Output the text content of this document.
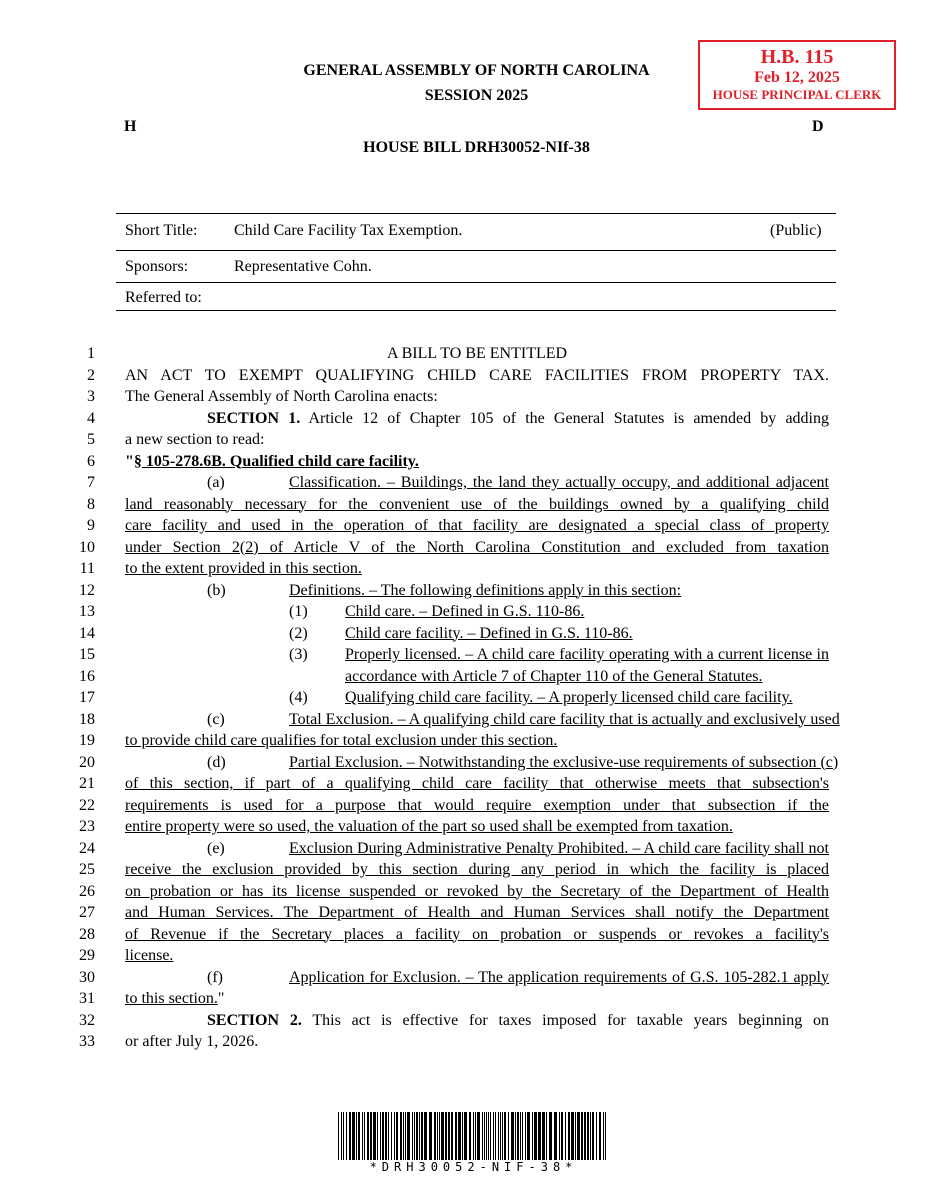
H.B. 115
Feb 12, 2025
HOUSE PRINCIPAL CLERK
GENERAL ASSEMBLY OF NORTH CAROLINA
SESSION 2025
H	D
HOUSE BILL DRH30052-NIf-38
Short Title: Child Care Facility Tax Exemption.	(Public)
Sponsors:	Representative Cohn.
Referred to:
1	A BILL TO BE ENTITLED
2 AN ACT TO EXEMPT QUALIFYING CHILD CARE FACILITIES FROM PROPERTY TAX.
3 The General Assembly of North Carolina enacts:
4	SECTION 1. Article 12 of Chapter 105 of the General Statutes is amended by adding
5 a new section to read:
6 "§ 105-278.6B. Qualified child care facility.
7	(a)	Classification. – Buildings, the land they actually occupy, and additional adjacent
8 land reasonably necessary for the convenient use of the buildings owned by a qualifying child
9 care facility and used in the operation of that facility are designated a special class of property
10 under Section 2(2) of Article V of the North Carolina Constitution and excluded from taxation
11 to the extent provided in this section.
12	(b)	Definitions. – The following definitions apply in this section:
13	(1) Child care. – Defined in G.S. 110-86.
14	(2) Child care facility. – Defined in G.S. 110-86.
15	(3) Properly licensed. – A child care facility operating with a current license in
16	accordance with Article 7 of Chapter 110 of the General Statutes.
17	(4) Qualifying child care facility. – A properly licensed child care facility.
18	(c)	Total Exclusion. – A qualifying child care facility that is actually and exclusively used
19 to provide child care qualifies for total exclusion under this section.
20	(d)	Partial Exclusion. – Notwithstanding the exclusive-use requirements of subsection (c)
21 of this section, if part of a qualifying child care facility that otherwise meets that subsection's
22 requirements is used for a purpose that would require exemption under that subsection if the
23 entire property were so used, the valuation of the part so used shall be exempted from taxation.
24	(e)	Exclusion During Administrative Penalty Prohibited. – A child care facility shall not
25 receive the exclusion provided by this section during any period in which the facility is placed
26 on probation or has its license suspended or revoked by the Secretary of the Department of Health
27 and Human Services. The Department of Health and Human Services shall notify the Department
28 of Revenue if the Secretary places a facility on probation or suspends or revokes a facility's
29 license.
30	(f)	Application for Exclusion. – The application requirements of G.S. 105-282.1 apply
31 to this section."
32	SECTION 2. This act is effective for taxes imposed for taxable years beginning on
33 or after July 1, 2026.
*DRH30052-NIF-38*
